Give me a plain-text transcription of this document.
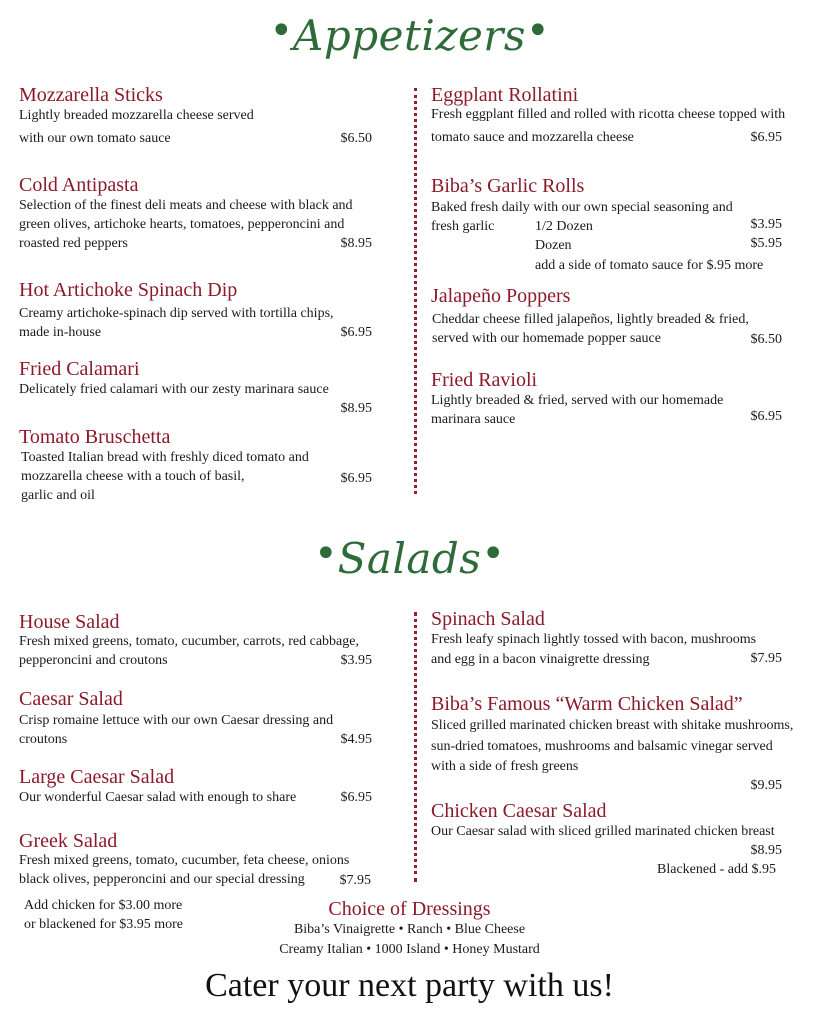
•Appetizers•
Mozzarella Sticks
Lightly breaded mozzarella cheese served
with our own tomato sauce	$6.50
Cold Antipasta
Selection of the finest deli meats and cheese with black and
green olives, artichoke hearts, tomatoes, pepperoncini and
roasted red peppers	$8.95
Hot Artichoke Spinach Dip
Creamy artichoke-spinach dip served with tortilla chips,
made in-house	$6.95
Fried Calamari
Delicately fried calamari with our zesty marinara sauce
$8.95
Tomato Bruschetta
Toasted Italian bread with freshly diced tomato and
mozzarella cheese with a touch of basil,
garlic and oil
$6.95
Eggplant Rollatini
Fresh eggplant filled and rolled with ricotta cheese topped with
tomato sauce and mozzarella cheese	$6.95
Biba’s Garlic Rolls
Baked fresh daily with our own special seasoning and
fresh garlic	1/2 Dozen	$3.95
Dozen	$5.95
add a side of tomato sauce for $.95 more
Jalapeño Poppers
Cheddar cheese filled jalapeños, lightly breaded & fried,
served with our homemade popper sauce	$6.50
Fried Ravioli
Lightly breaded & fried, served with our homemade
marinara sauce	$6.95
•Salads•
House Salad
Fresh mixed greens, tomato, cucumber, carrots, red cabbage,
pepperoncini and croutons	$3.95
Caesar Salad
Crisp romaine lettuce with our own Caesar dressing and
croutons	$4.95
Large Caesar Salad
Our wonderful Caesar salad with enough to share	$6.95
Greek Salad
Fresh mixed greens, tomato, cucumber, feta cheese, onions
black olives, pepperoncini and our special dressing	$7.95
Add chicken for $3.00 more
or blackened for $3.95 more
Spinach Salad
Fresh leafy spinach lightly tossed with bacon, mushrooms
and egg in a bacon vinaigrette dressing	$7.95
Biba’s Famous “Warm Chicken Salad”
Sliced grilled marinated chicken breast with shitake mushrooms,
sun-dried tomatoes, mushrooms and balsamic vinegar served
with a side of fresh greens
$9.95
Chicken Caesar Salad
Our Caesar salad with sliced grilled marinated chicken breast
$8.95
Blackened - add $.95
Choice of Dressings
Biba’s Vinaigrette • Ranch • Blue Cheese
Creamy Italian • 1000 Island • Honey Mustard
Cater your next party with us!
